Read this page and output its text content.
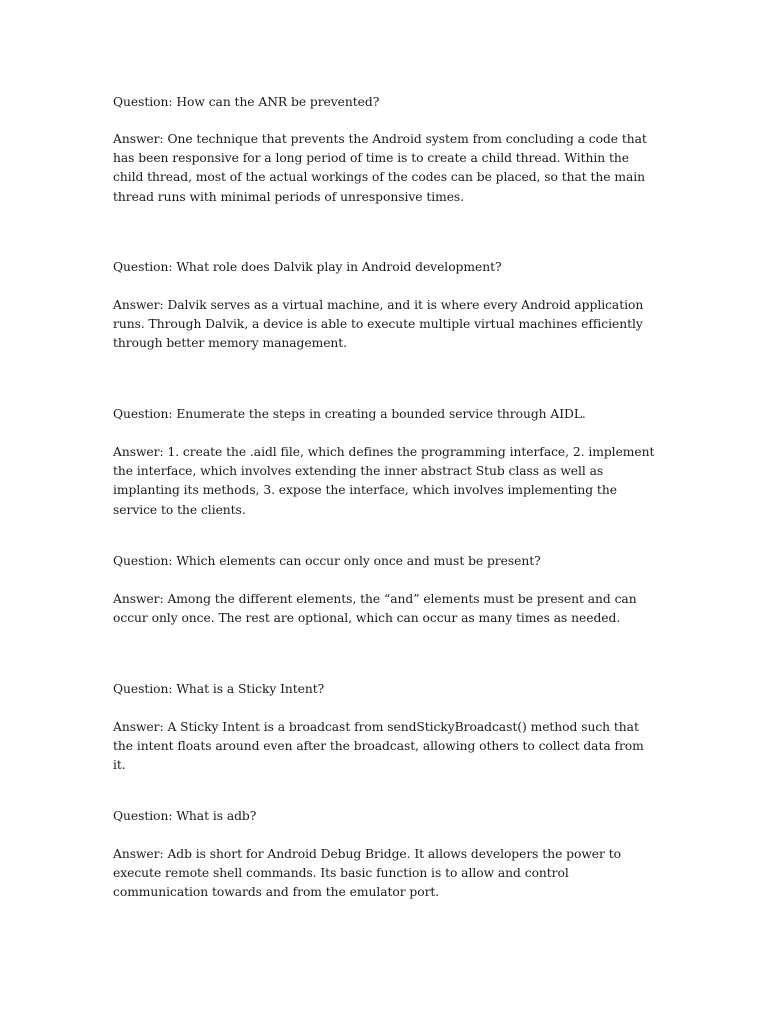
Question: How can the ANR be prevented?

Answer: One technique that prevents the Android system from concluding a code that has been responsive for a long period of time is to create a child thread. Within the child thread, most of the actual workings of the codes can be placed, so that the main thread runs with minimal periods of unresponsive times.

Question: What role does Dalvik play in Android development?

Answer: Dalvik serves as a virtual machine, and it is where every Android application runs. Through Dalvik, a device is able to execute multiple virtual machines efficiently through better memory management.

Question: Enumerate the steps in creating a bounded service through AIDL.

Answer: 1. create the .aidl file, which defines the programming interface, 2. implement the interface, which involves extending the inner abstract Stub class as well as implanting its methods, 3. expose the interface, which involves implementing the service to the clients.

Question: Which elements can occur only once and must be present?

Answer: Among the different elements, the “and” elements must be present and can occur only once. The rest are optional, which can occur as many times as needed.

Question: What is a Sticky Intent?

Answer: A Sticky Intent is a broadcast from sendStickyBroadcast() method such that the intent floats around even after the broadcast, allowing others to collect data from it.

Question: What is adb?

Answer: Adb is short for Android Debug Bridge. It allows developers the power to execute remote shell commands. Its basic function is to allow and control communication towards and from the emulator port.
